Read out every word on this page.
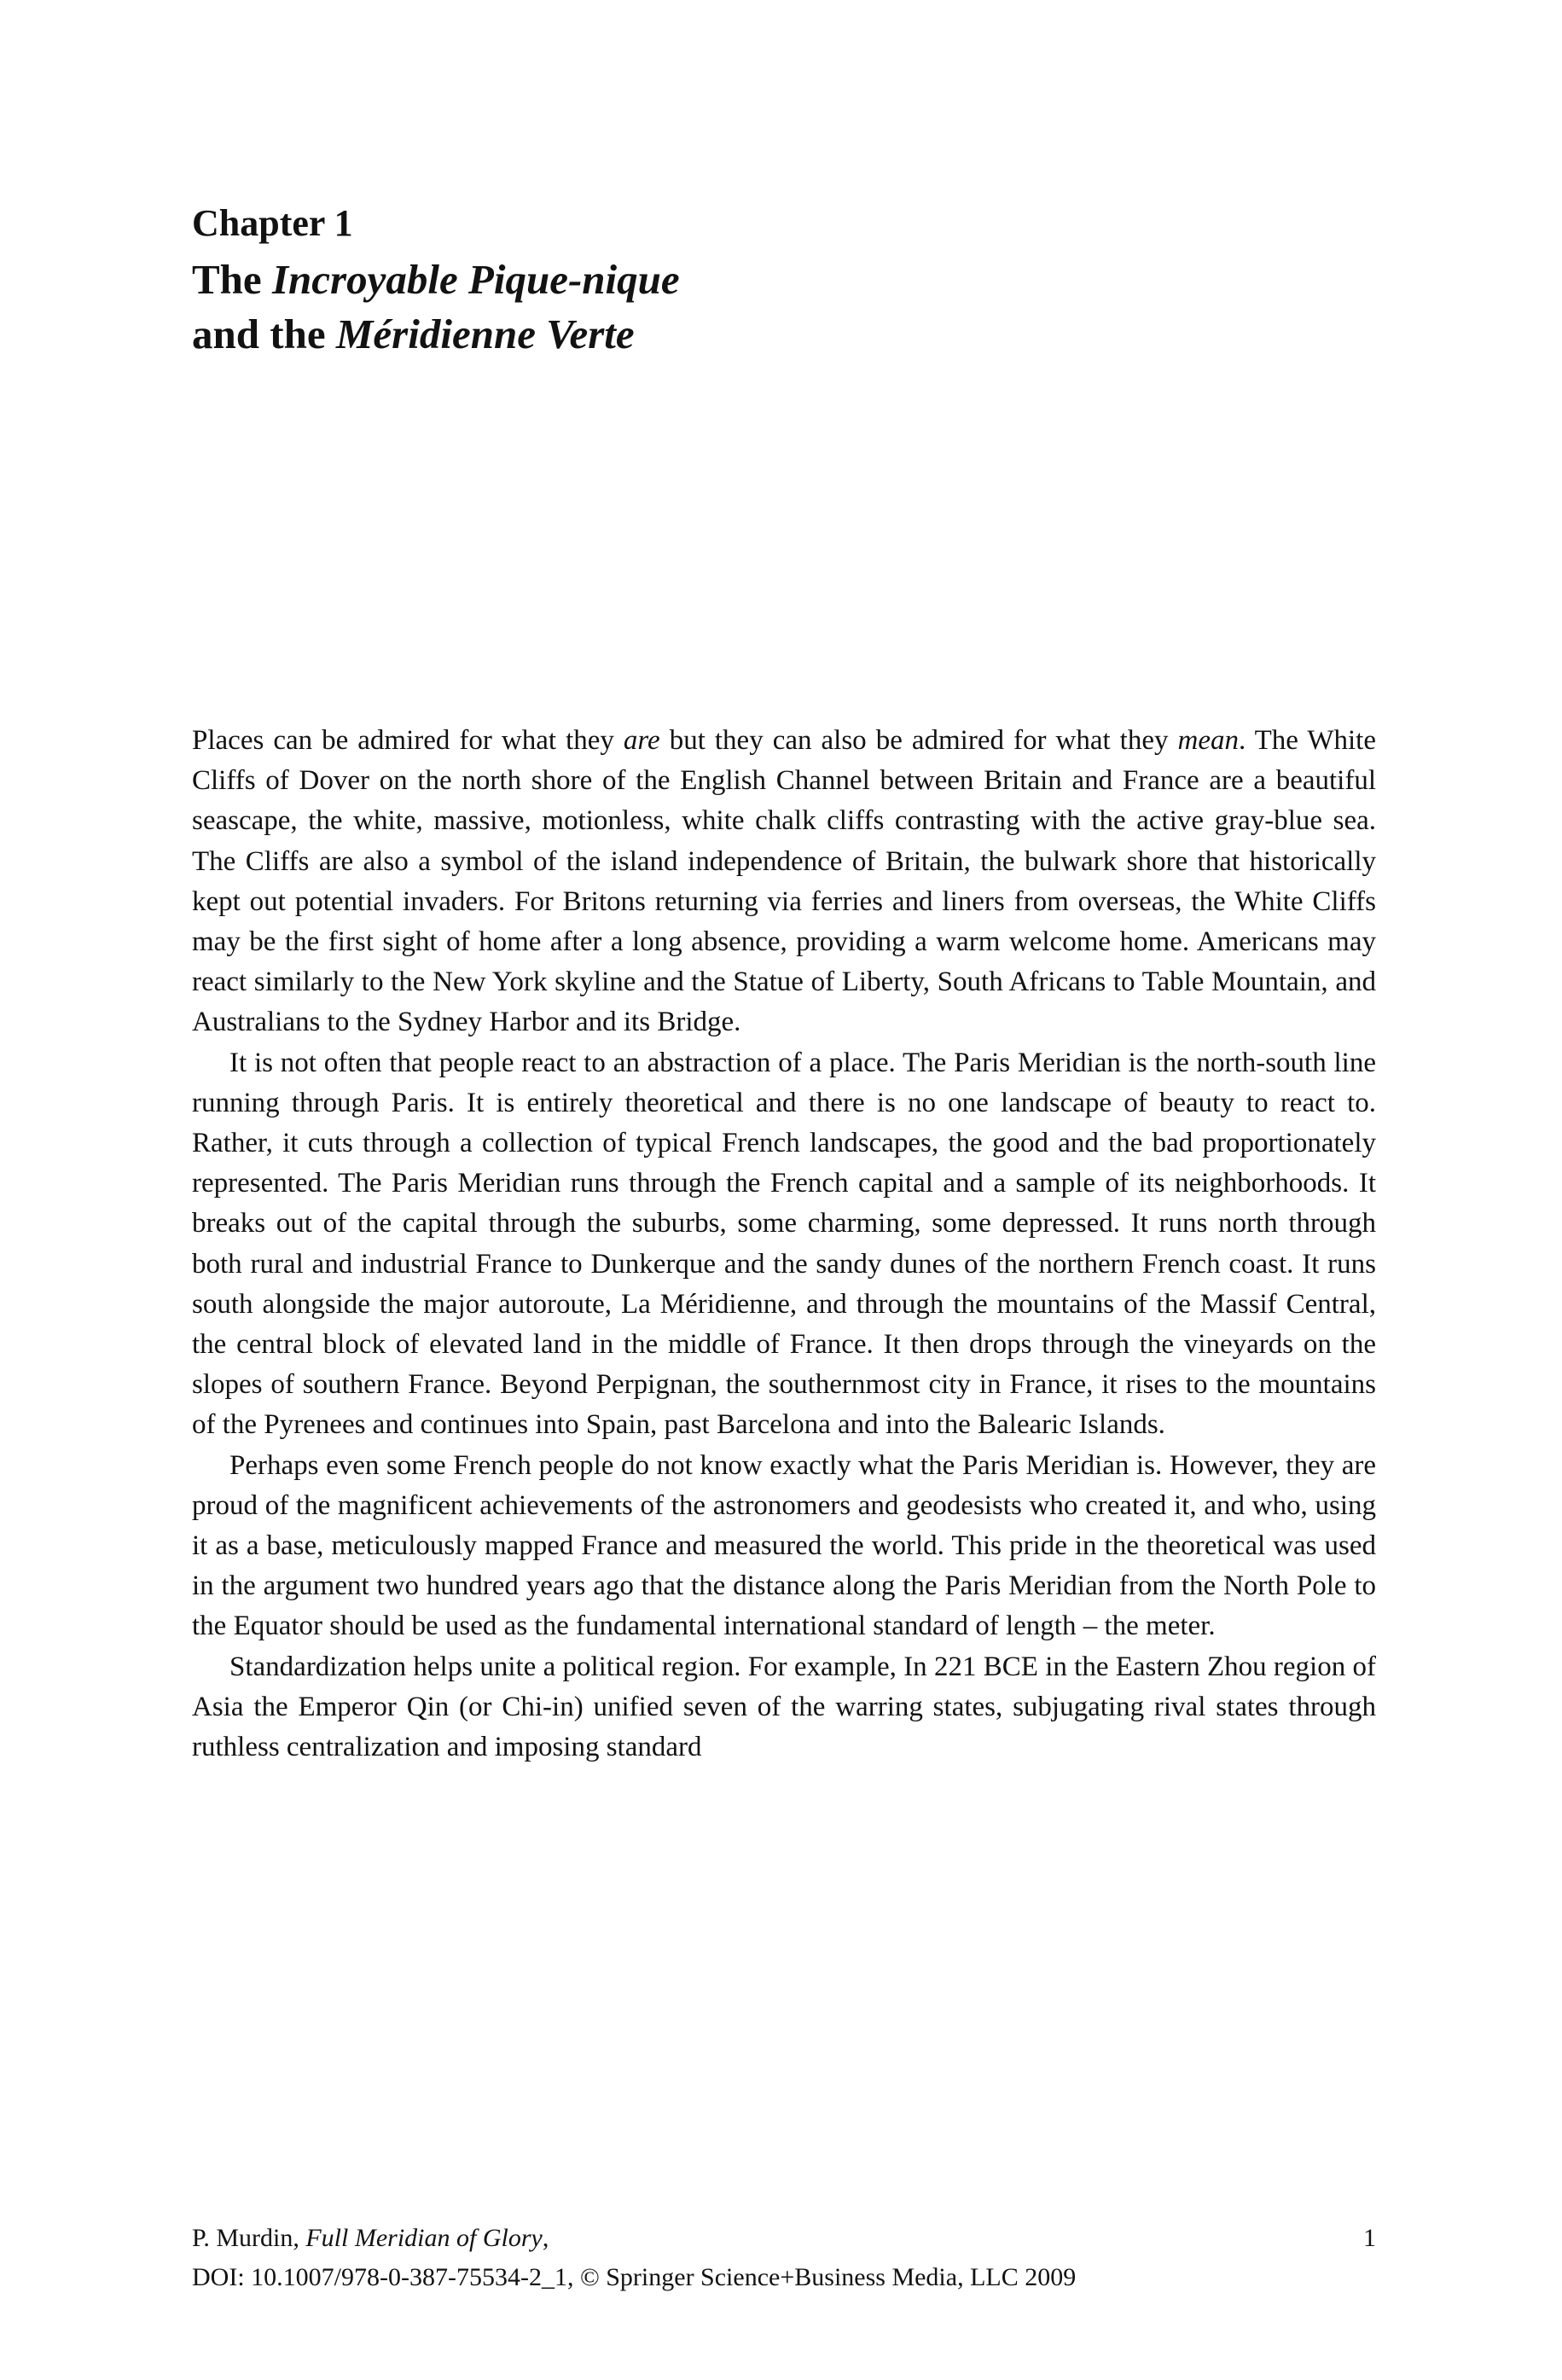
Chapter 1
The Incroyable Pique-nique
and the Méridienne Verte

Places can be admired for what they are but they can also be admired for what they mean. The White Cliffs of Dover on the north shore of the English Channel between Britain and France are a beautiful seascape, the white, massive, motionless, white chalk cliffs contrasting with the active gray-blue sea. The Cliffs are also a symbol of the island independence of Britain, the bulwark shore that historically kept out potential invaders. For Britons returning via ferries and liners from overseas, the White Cliffs may be the first sight of home after a long absence, providing a warm welcome home. Americans may react similarly to the New York skyline and the Statue of Liberty, South Africans to Table Mountain, and Australians to the Sydney Harbor and its Bridge.

It is not often that people react to an abstraction of a place. The Paris Meridian is the north-south line running through Paris. It is entirely theoretical and there is no one landscape of beauty to react to. Rather, it cuts through a collection of typical French landscapes, the good and the bad proportionately represented. The Paris Meridian runs through the French capital and a sample of its neighborhoods. It breaks out of the capital through the suburbs, some charming, some depressed. It runs north through both rural and industrial France to Dunkerque and the sandy dunes of the northern French coast. It runs south alongside the major autoroute, La Méridienne, and through the mountains of the Massif Central, the central block of elevated land in the middle of France. It then drops through the vineyards on the slopes of southern France. Beyond Perpignan, the southernmost city in France, it rises to the mountains of the Pyrenees and continues into Spain, past Barcelona and into the Balearic Islands.

Perhaps even some French people do not know exactly what the Paris Meridian is. However, they are proud of the magnificent achievements of the astronomers and geodesists who created it, and who, using it as a base, meticulously mapped France and measured the world. This pride in the theoretical was used in the argument two hundred years ago that the distance along the Paris Meridian from the North Pole to the Equator should be used as the fundamental international standard of length – the meter.

Standardization helps unite a political region. For example, In 221 BCE in the Eastern Zhou region of Asia the Emperor Qin (or Chi-in) unified seven of the warring states, subjugating rival states through ruthless centralization and imposing standard

P. Murdin, Full Meridian of Glory,	1
DOI: 10.1007/978-0-387-75534-2_1, © Springer Science+Business Media, LLC 2009
